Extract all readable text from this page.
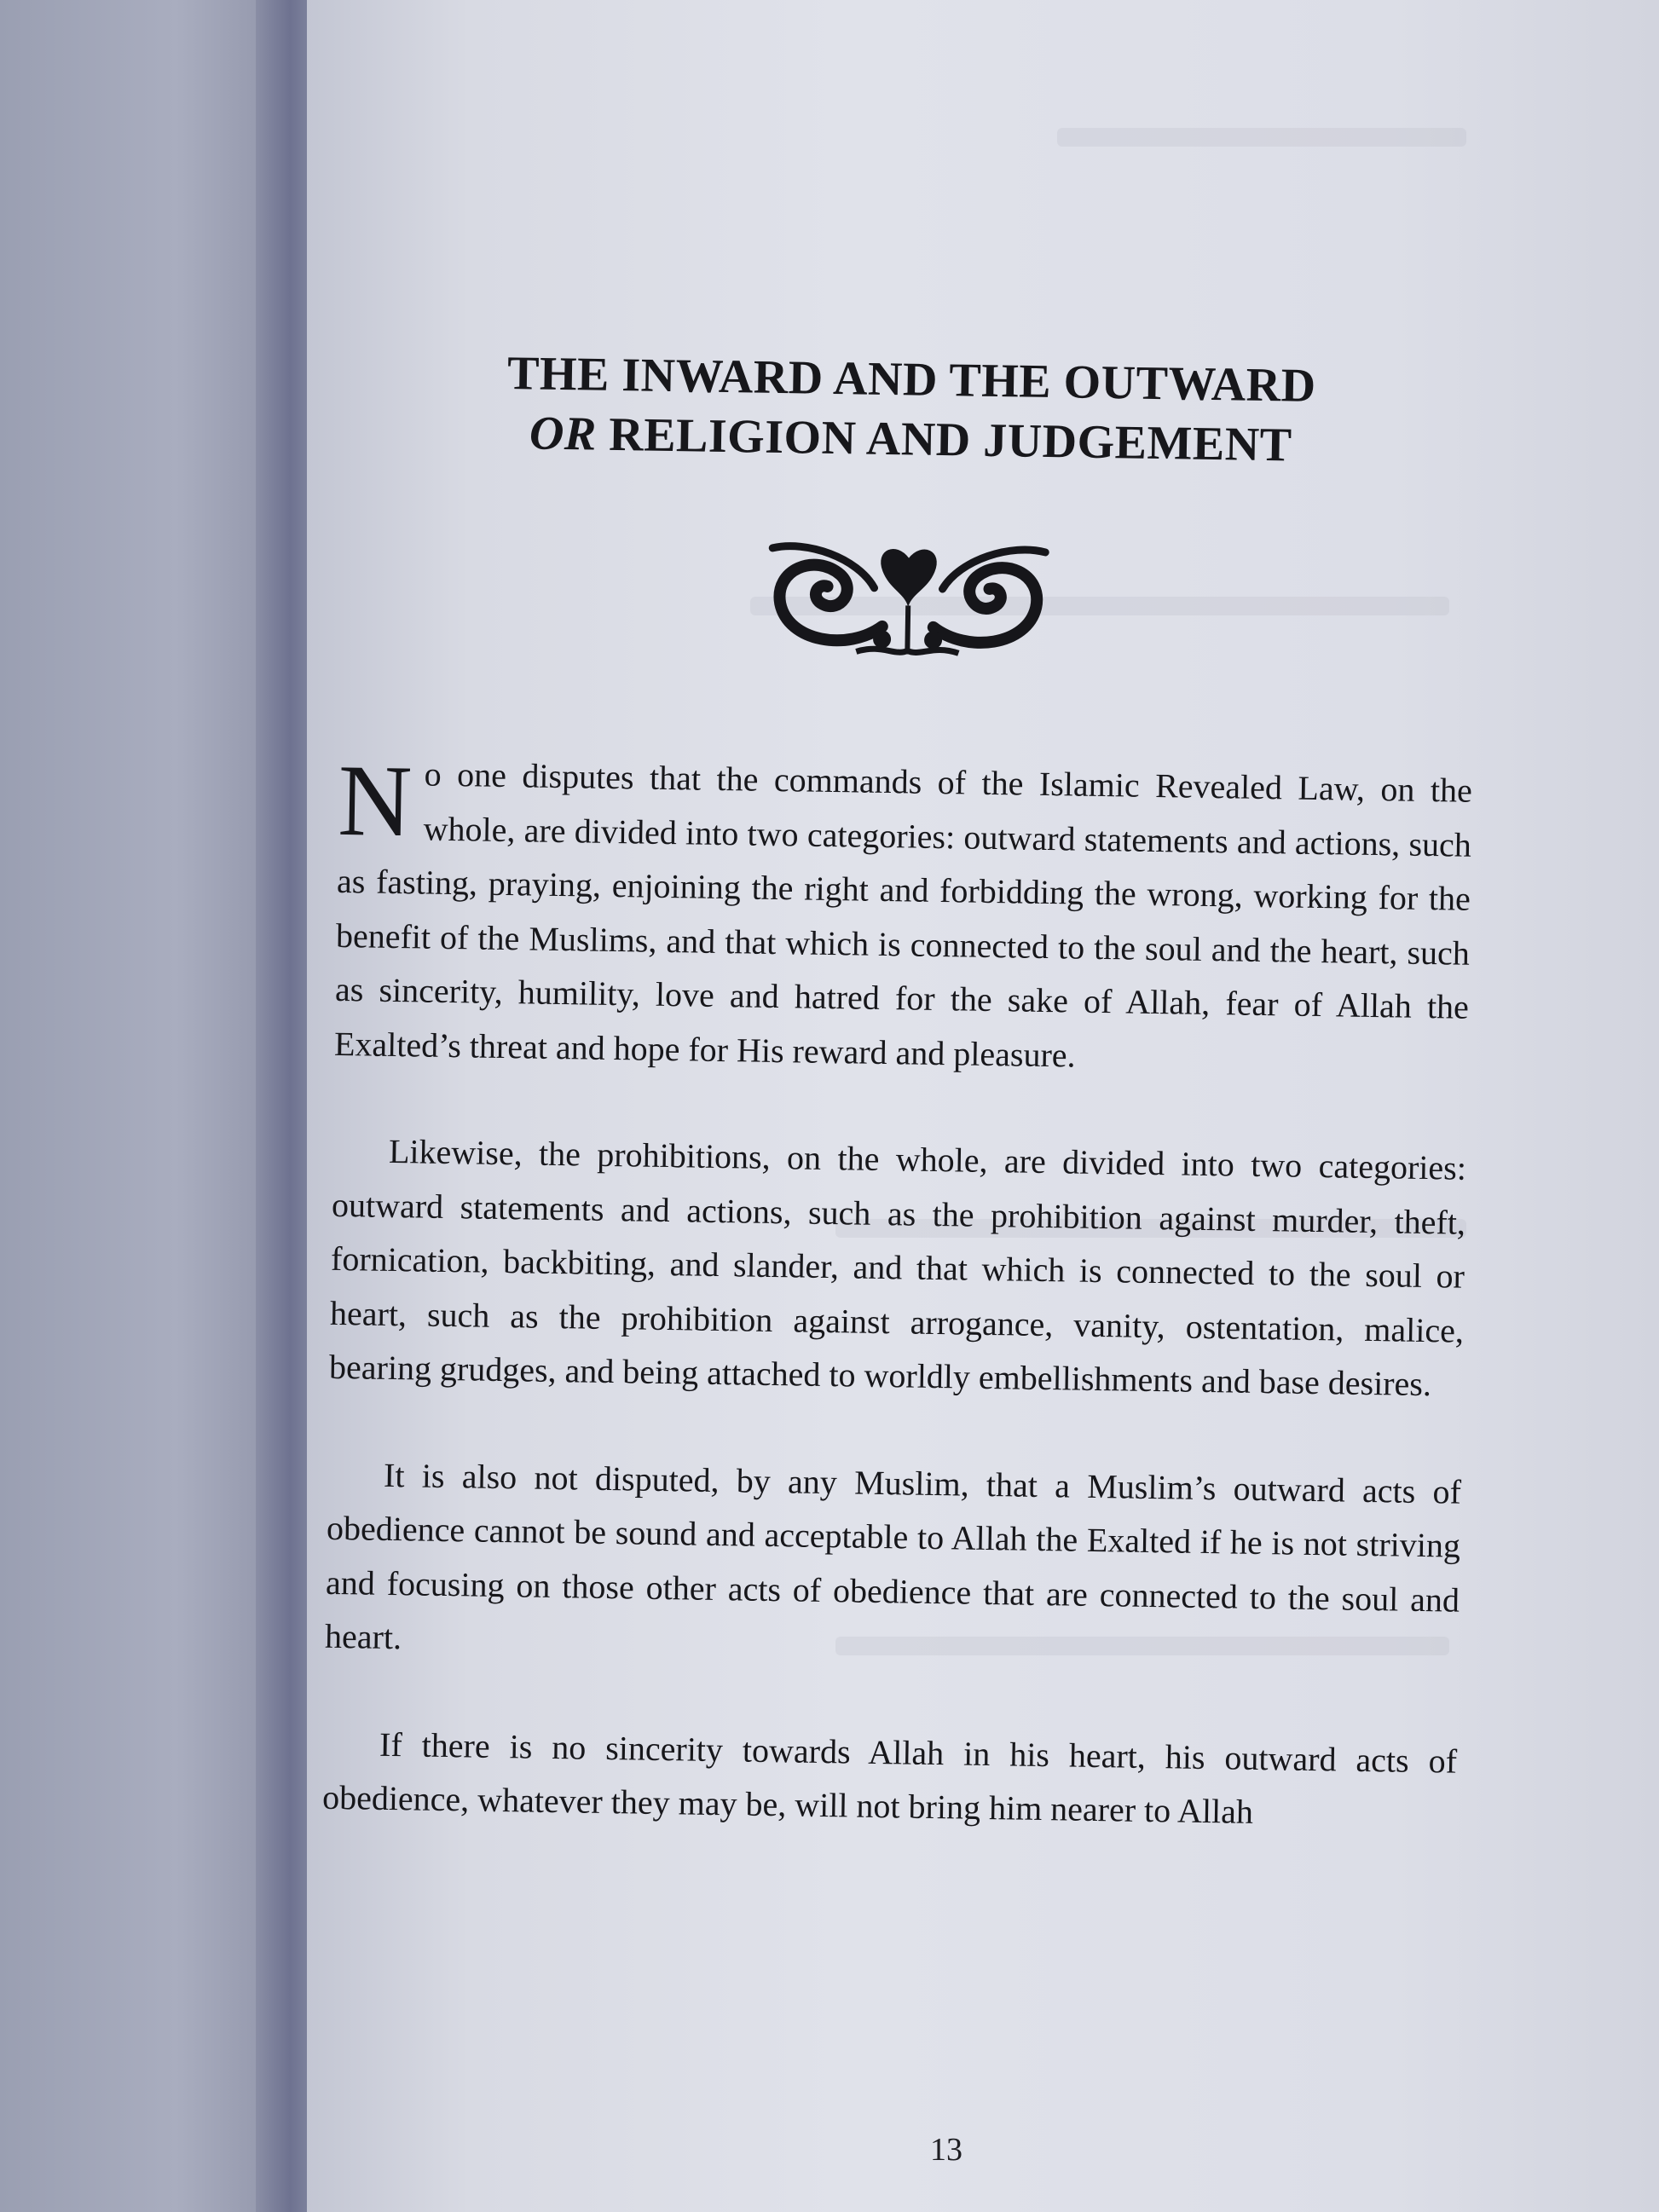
THE INWARD AND THE OUTWARD
OR RELIGION AND JUDGEMENT

No one disputes that the commands of the Islamic Revealed Law, on the whole, are divided into two categories: outward statements and actions, such as fasting, praying, enjoining the right and forbidding the wrong, working for the benefit of the Muslims, and that which is connected to the soul and the heart, such as sincerity, humility, love and hatred for the sake of Allah, fear of Allah the Exalted’s threat and hope for His reward and pleasure.

Likewise, the prohibitions, on the whole, are divided into two categories: outward statements and actions, such as the prohibition against murder, theft, fornication, backbiting, and slander, and that which is connected to the soul or heart, such as the prohibition against arrogance, vanity, ostentation, malice, bearing grudges, and being attached to worldly embellishments and base desires.

It is also not disputed, by any Muslim, that a Muslim’s outward acts of obedience cannot be sound and acceptable to Allah the Exalted if he is not striving and focusing on those other acts of obedience that are connected to the soul and heart.

If there is no sincerity towards Allah in his heart, his outward acts of obedience, whatever they may be, will not bring him nearer to Allah

13
